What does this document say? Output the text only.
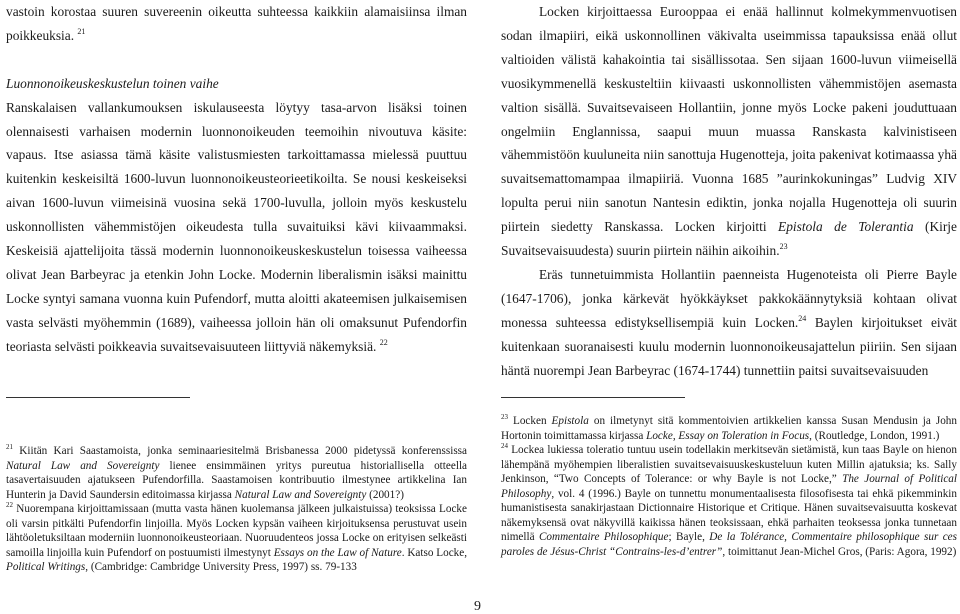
vastoin korostaa suuren suvereenin oikeutta suhteessa kaikkiin alamaisiinsa ilman poikkeuksia. $^{21}$

Luonnonoikeuskeskustelun toinen vaihe

Ranskalaisen vallankumouksen iskulauseesta löytyy tasa-arvon lisäksi toinen olennaisesti varhaisen modernin luonnonoikeuden teemoihin nivoutuva käsite: vapaus. Itse asiassa tämä käsite valistusmiesten tarkoittamassa mielessä puuttuu kuitenkin keskeisiltä 1600-luvun luonnonoikeusteorieetikoilta. Se nousi keskeiseksi aivan 1600-luvun viimeisinä vuosina sekä 1700-luvulla, jolloin myös keskustelu uskonnollisten vähemmistöjen oikeudesta tulla suvaituiksi kävi kiivaammaksi. Keskeisiä ajattelijoita tässä modernin luonnonoikeuskeskustelun toisessa vaiheessa olivat Jean Barbeyrac ja etenkin John Locke. Modernin liberalismin isäksi mainittu Locke syntyi samana vuonna kuin Pufendorf, mutta aloitti akateemisen julkaisemisen vasta selvästi myöhemmin (1689), vaiheessa jolloin hän oli omaksunut Pufendorfin teoriasta selvästi poikkeavia suvaitsevaisuuteen liittyviä näkemyksiä. $^{22}$

Locken kirjoittaessa Eurooppaa ei enää hallinnut kolmekymmenvuotisen sodan ilmapiiri, eikä uskonnollinen väkivalta useimmissa tapauksissa enää ollut valtioiden välistä kahakointia tai sisällissotaa. Sen sijaan 1600-luvun viimeisellä vuosikymmenellä keskusteltiin kiivaasti uskonnollisten vähemmistöjen asemasta valtion sisällä. Suvaitsevaiseen Hollantiin, jonne myös Locke pakeni jouduttuaan ongelmiin Englannissa, saapui muun muassa Ranskasta kalvinistiseen vähemmistöön kuuluneita niin sanottuja Hugenotteja, joita pakenivat kotimaassa yhä suvaitsemattomampaa ilmapiiriä. Vuonna 1685 ”aurinkokuningas” Ludvig XIV lopulta perui niin sanotun Nantesin ediktin, jonka nojalla Hugenotteja oli suurin piirtein siedetty Ranskassa. Locken kirjoitti Epistola de Tolerantia (Kirje Suvaitsevaisuudesta) suurin piirtein näihin aikoihin.$^{23}$

Eräs tunnetuimmista Hollantiin paenneista Hugenoteista oli Pierre Bayle (1647-1706), jonka kärkevät hyökkäykset pakkokäännytyksiä kohtaan olivat monessa suhteessa edistyksellisempiä kuin Locken.$^{24}$ Baylen kirjoitukset eivät kuitenkaan suoranaisesti kuulu modernin luonnonoikeusajattelun piiriin. Sen sijaan häntä nuorempi Jean Barbeyrac (1674-1744) tunnettiin paitsi suvaitsevaisuuden

$^{21}$ Kiitän Kari Saastamoista, jonka seminaariesitelmä Brisbanessa 2000 pidetyssä konferenssissa Natural Law and Sovereignty lienee ensimmäinen yritys pureutua historiallisella otteella tasavertaisuuden ajatukseen Pufendorfilla. Saastamoisen kontribuutio ilmestynee artikkelina Ian Hunterin ja David Saundersin editoimassa kirjassa Natural Law and Sovereignty (2001?)

$^{22}$ Nuorempana kirjoittamissaan (mutta vasta hänen kuolemansa jälkeen julkaistuissa) teoksissa Locke oli varsin pitkälti Pufendorfin linjoilla. Myös Locken kypsän vaiheen kirjoituksensa perustuvat usein lähtöoletuksiltaan moderniin luonnonoikeusteoriaan. Nuoruudenteos jossa Locke on erityisen selkeästi samoilla linjoilla kuin Pufendorf on postuumisti ilmestynyt Essays on the Law of Nature. Katso Locke, Political Writings, (Cambridge: Cambridge University Press, 1997) ss. 79-133

$^{23}$ Locken Epistola on ilmetynyt sitä kommentoivien artikkelien kanssa Susan Mendusin ja John Hortonin toimittamassa kirjassa Locke, Essay on Toleration in Focus, (Routledge, London, 1991.)

$^{24}$ Lockea lukiessa toleratio tuntuu usein todellakin merkitsevän sietämistä, kun taas Bayle on hienon lähempänä myöhempien liberalistien suvaitsevaisuuskeskusteluun kuten Millin ajatuksia; ks. Sally Jenkinson, “Two Concepts of Tolerance: or why Bayle is not Locke,” The Journal of Political Philosophy, vol. 4 (1996.) Bayle on tunnettu monumentaalisesta filosofisesta tai ehkä pikemminkin humanistisesta sanakirjastaan Dictionnaire Historique et Critique. Hänen suvaitsevaisuutta koskevat näkemyksensä ovat näkyvillä kaikissa hänen teoksissaan, ehkä parhaiten teoksessa jonka tunnetaan nimellä Commentaire Philosophique; Bayle, De la Tolérance, Commentaire philosophique sur ces paroles de Jésus-Christ “Contrains-les-d’entrer”, toimittanut Jean-Michel Gros, (Paris: Agora, 1992)

9
